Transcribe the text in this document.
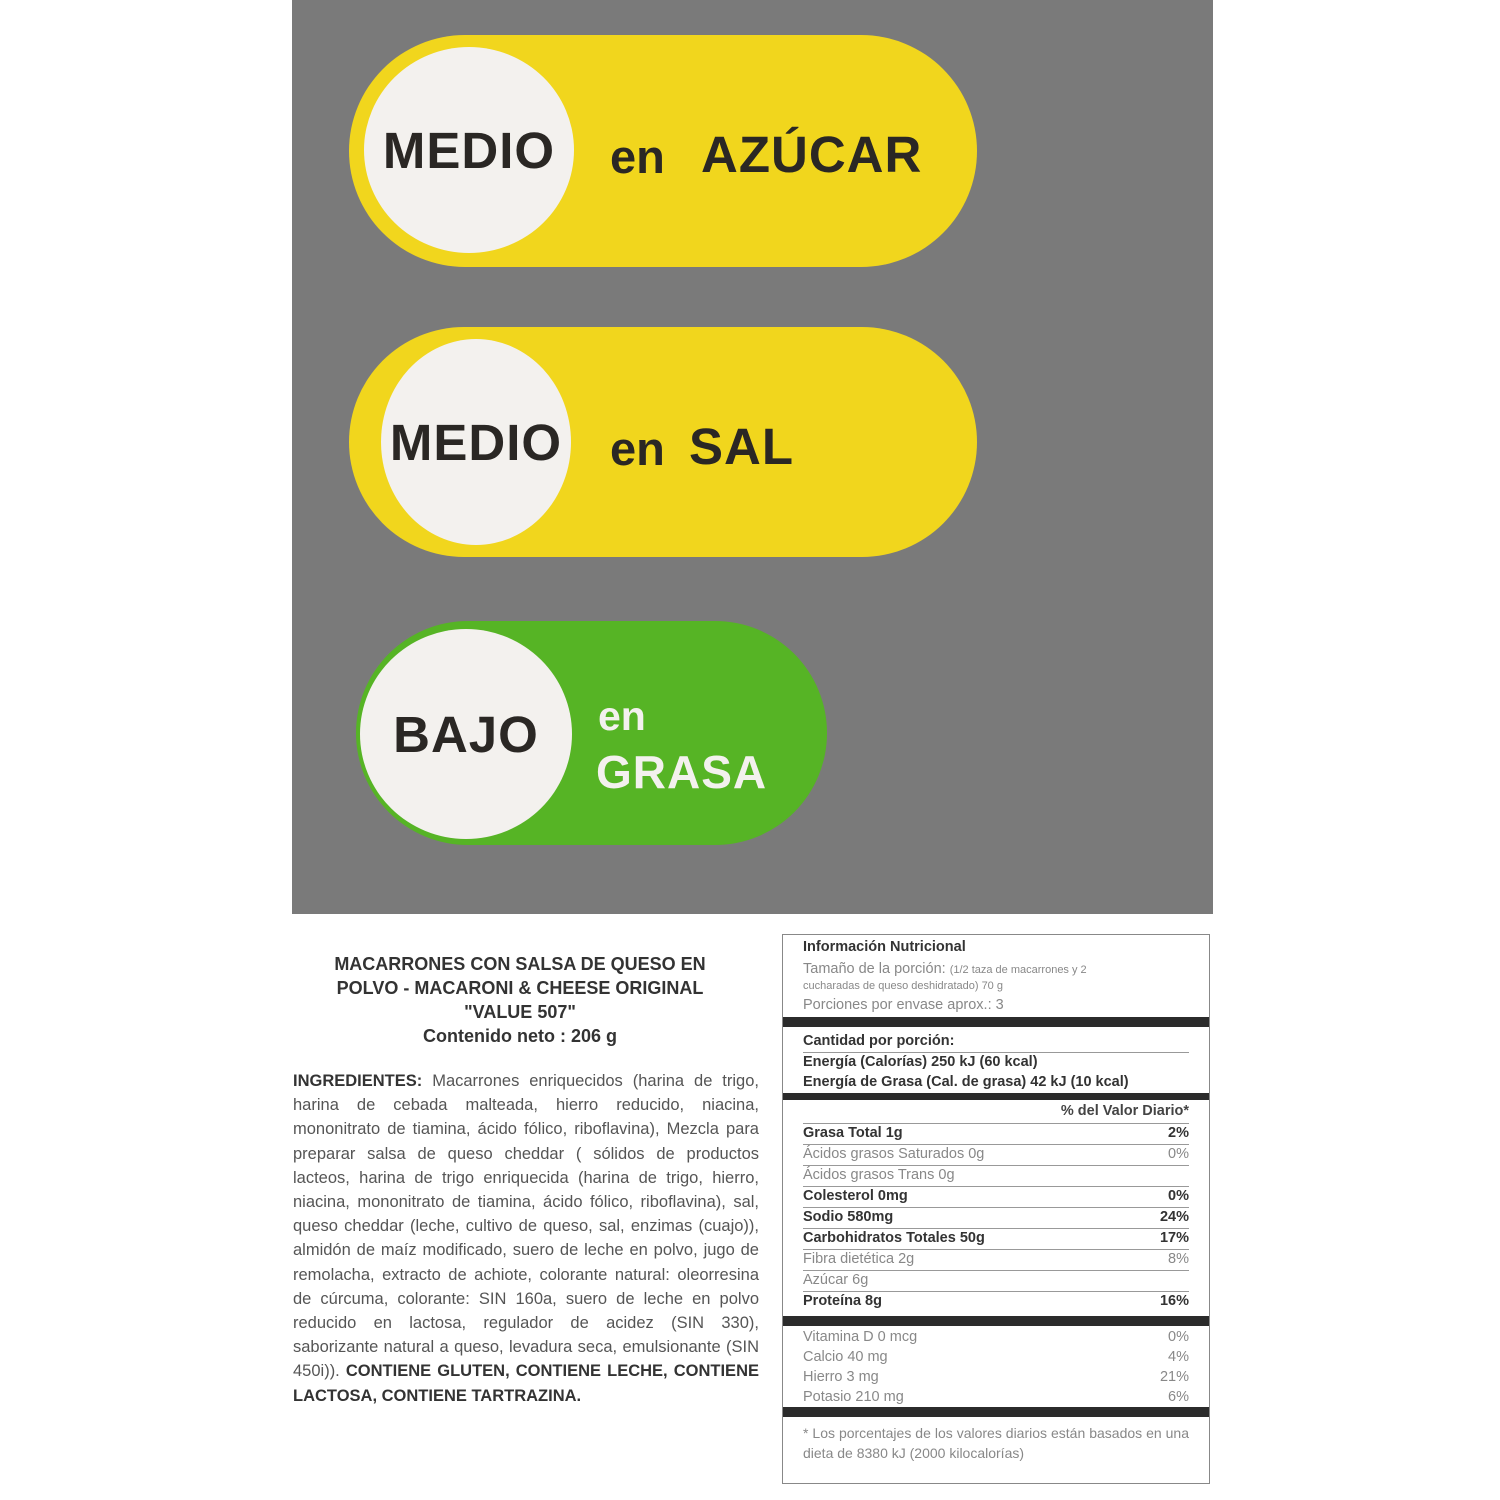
MEDIO en AZÚCAR
MEDIO en SAL
BAJO en
GRASA
MACARRONES CON SALSA DE QUESO EN
POLVO - MACARONI & CHEESE ORIGINAL
"VALUE 507"
Contenido neto : 206 g
INGREDIENTES: Macarrones enriquecidos (harina de trigo, harina de cebada malteada, hierro reducido, niacina, mononitrato de tiamina, ácido fólico, riboflavina), Mezcla para preparar salsa de queso cheddar ( sólidos de productos lacteos, harina de trigo enriquecida (harina de trigo, hierro, niacina, mononitrato de tiamina, ácido fólico, riboflavina), sal, queso cheddar (leche, cultivo de queso, sal, enzimas (cuajo)), almidón de maíz modificado, suero de leche en polvo, jugo de remolacha, extracto de achiote, colorante natural: oleorresina de cúrcuma, colorante: SIN 160a, suero de leche en polvo reducido en lactosa, regulador de acidez (SIN 330), saborizante natural a queso, levadura seca, emulsionante (SIN 450i)). CONTIENE GLUTEN, CONTIENE LECHE, CONTIENE LACTOSA, CONTIENE TARTRAZINA.
Información Nutricional
Tamaño de la porción:
(1/2 taza de macarrones y 2
cucharadas de queso deshidratado) 70 g
Porciones por envase aprox.: 3
Cantidad por porción:
Energía (Calorías) 250 kJ (60 kcal)
Energía de Grasa (Cal. de grasa) 42 kJ (10 kcal)
% del Valor Diario*
Grasa Total 1g	2%
Ácidos grasos Saturados 0g	0%
Ácidos grasos Trans 0g
Colesterol 0mg	0%
Sodio 580mg	24%
Carbohidratos Totales 50g	17%
Fibra dietética 2g	8%
Azúcar 6g
Proteína 8g	16%
Vitamina D 0 mcg	0%
Calcio 40 mg	4%
Hierro 3 mg	21%
Potasio 210 mg	6%
* Los porcentajes de los valores diarios están basados en una dieta de 8380 kJ (2000 kilocalorías)
